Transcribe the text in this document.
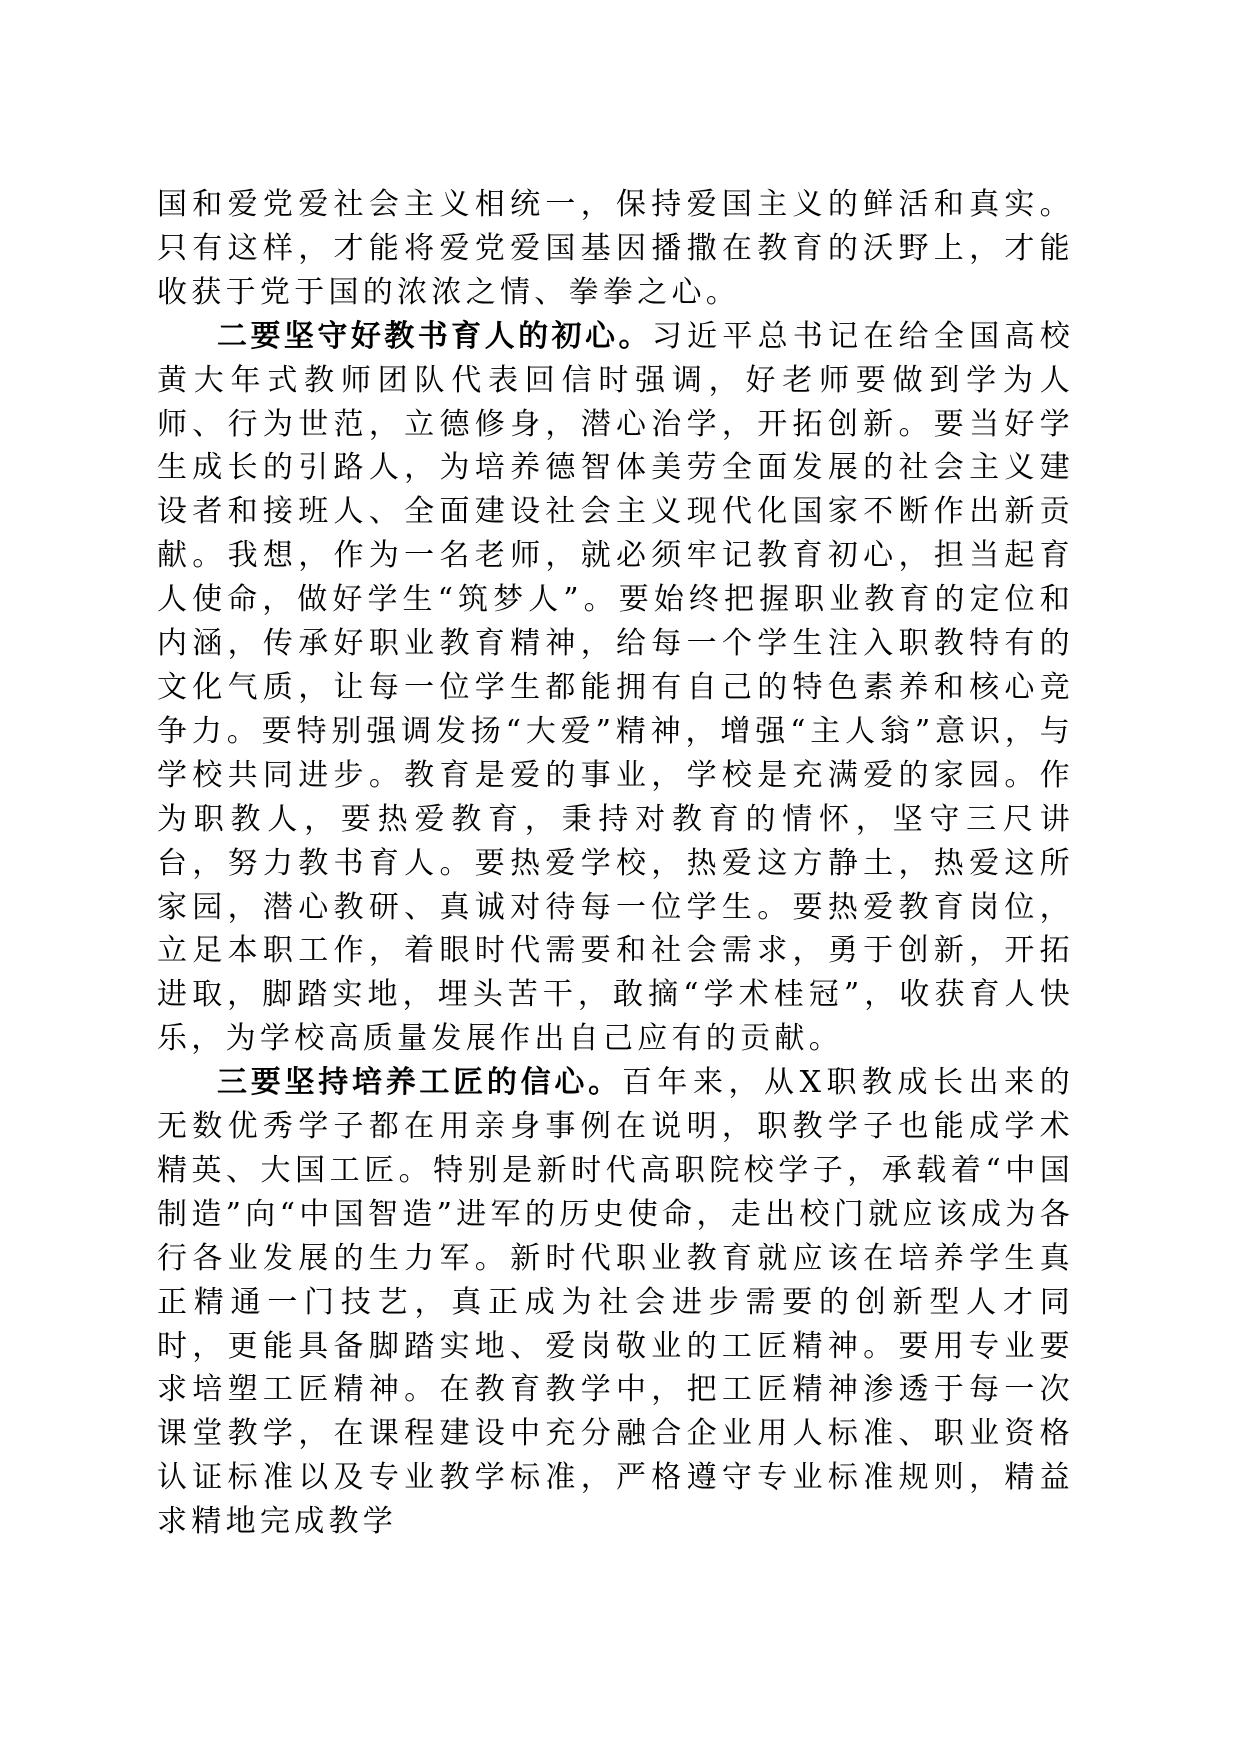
国和爱党爱社会主义相统一，保持爱国主义的鲜活和真实。只有这样，才能将爱党爱国基因播撒在教育的沃野上，才能收获于党于国的浓浓之情、拳拳之心。

二要坚守好教书育人的初心。习近平总书记在给全国高校黄大年式教师团队代表回信时强调，好老师要做到学为人师、行为世范，立德修身，潜心治学，开拓创新。要当好学生成长的引路人，为培养德智体美劳全面发展的社会主义建设者和接班人、全面建设社会主义现代化国家不断作出新贡献。我想，作为一名老师，就必须牢记教育初心，担当起育人使命，做好学生“筑梦人”。要始终把握职业教育的定位和内涵，传承好职业教育精神，给每一个学生注入职教特有的文化气质，让每一位学生都能拥有自己的特色素养和核心竞争力。要特别强调发扬“大爱”精神，增强“主人翁”意识，与学校共同进步。教育是爱的事业，学校是充满爱的家园。作为职教人，要热爱教育，秉持对教育的情怀，坚守三尺讲台，努力教书育人。要热爱学校，热爱这方静土，热爱这所家园，潜心教研、真诚对待每一位学生。要热爱教育岗位，立足本职工作，着眼时代需要和社会需求，勇于创新，开拓进取，脚踏实地，埋头苦干，敢摘“学术桂冠”，收获育人快乐，为学校高质量发展作出自己应有的贡献。

三要坚持培养工匠的信心。百年来，从X职教成长出来的无数优秀学子都在用亲身事例在说明，职教学子也能成学术精英、大国工匠。特别是新时代高职院校学子，承载着“中国制造”向“中国智造”进军的历史使命，走出校门就应该成为各行各业发展的生力军。新时代职业教育就应该在培养学生真正精通一门技艺，真正成为社会进步需要的创新型人才同时，更能具备脚踏实地、爱岗敬业的工匠精神。要用专业要求培塑工匠精神。在教育教学中，把工匠精神渗透于每一次课堂教学，在课程建设中充分融合企业用人标准、职业资格认证标准以及专业教学标准，严格遵守专业标准规则，精益求精地完成教学
